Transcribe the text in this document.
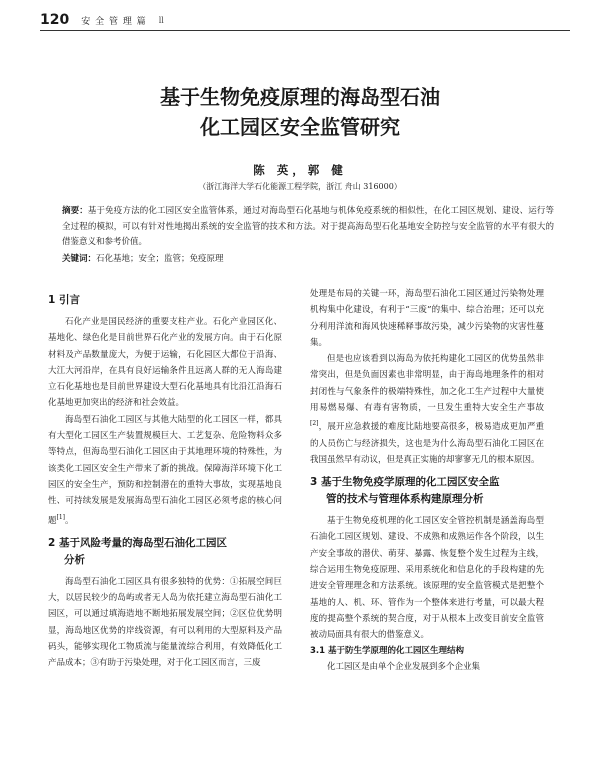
120 安 全 管 理 篇 ll
基于生物免疫原理的海岛型石油
化工园区安全监管研究
陈 英，郭 健
（浙江海洋大学石化能源工程学院，浙江 舟山 316000）
摘要：基于免疫方法的化工园区安全监管体系，通过对海岛型石化基地与机体免疫系统的相似性，在化工园区规划、建设、运行等全过程的模拟，可以有针对性地揭出系统的安全监管的技术和方法。对于提高海岛型石化基地安全防控与安全监管的水平有很大的借鉴意义和参考价值。
关键词：石化基地；安全；监管；免疫原理
1 引言

石化产业是国民经济的重要支柱产业。石化产业园区化、基地化、绿色化是目前世界石化产业的发展方向。由于石化原材料及产品数量庞大，为便于运输，石化园区大都位于沿海、大江大河沿岸，在具有良好运输条件且远离人群的无人海岛建立石化基地也是目前世界建设大型石化基地具有比沿江沿海石化基地更加突出的经济和社会效益。

海岛型石油化工园区与其他大陆型的化工园区一样，都具有大型化工园区生产装置规模巨大、工艺复杂、危险物料众多等特点，但海岛型石油化工园区由于其地理环境的特殊性，为该类化工园区安全生产带来了新的挑战。保障海洋环境下化工园区的安全生产，预防和控制潜在的重特大事故，实现基地良性、可持续发展是发展海岛型石油化工园区必须考虑的核心问题[1]。

2 基于风险考量的海岛型石油化工园区
分析

海岛型石油化工园区具有很多独特的优势：①拓展空间巨大，以居民较少的岛屿或者无人岛为依托建立海岛型石油化工园区，可以通过填海造地不断地拓展发展空间；②区位优势明显，海岛地区优势的岸线资源，有可以利用的大型原料及产品码头，能够实现化工物质流与能量流综合利用，有效降低化工产品成本；③有助于污染处理，对于化工园区而言，三废

处理是布局的关键一环，海岛型石油化工园区通过污染物处理机构集中化建设，有利于“三废”的集中、综合治理；还可以充分利用洋流和海风快速稀释事故污染，减少污染物的灾害性蔓集。

但是也应该看到以海岛为依托构建化工园区的优势虽然非常突出，但是负面因素也非常明显，由于海岛地理条件的相对封闭性与气象条件的极端特殊性，加之化工生产过程中大量使用易燃易爆、有毒有害物质，一旦发生重特大安全生产事故[2]，展开应急救援的难度比陆地要高很多，极易造成更加严重的人员伤亡与经济损失，这也是为什么海岛型石油化工园区在我国虽然早有动议，但是真正实施的却寥寥无几的根本原因。

3 基于生物免疫学原理的化工园区安全监
管的技术与管理体系构建原理分析

基于生物免疫机理的化工园区安全管控机制是涵盖海岛型石油化工园区规划、建设、不成熟和成熟运作各个阶段，以生产安全事故的潜伏、萌芽、暴露、恢复整个发生过程为主线，综合运用生物免疫原理、采用系统化和信息化的手段构建的先进安全管理理念和方法系统。该原理的安全监管模式是把整个基地的人、机、环、管作为一个整体来进行考量，可以最大程度的提高整个系统的契合度，对于从根本上改变目前安全监管被动局面具有很大的借鉴意义。

3.1 基于防生学原理的化工园区生理结构

化工园区是由单个企业发展到多个企业集
